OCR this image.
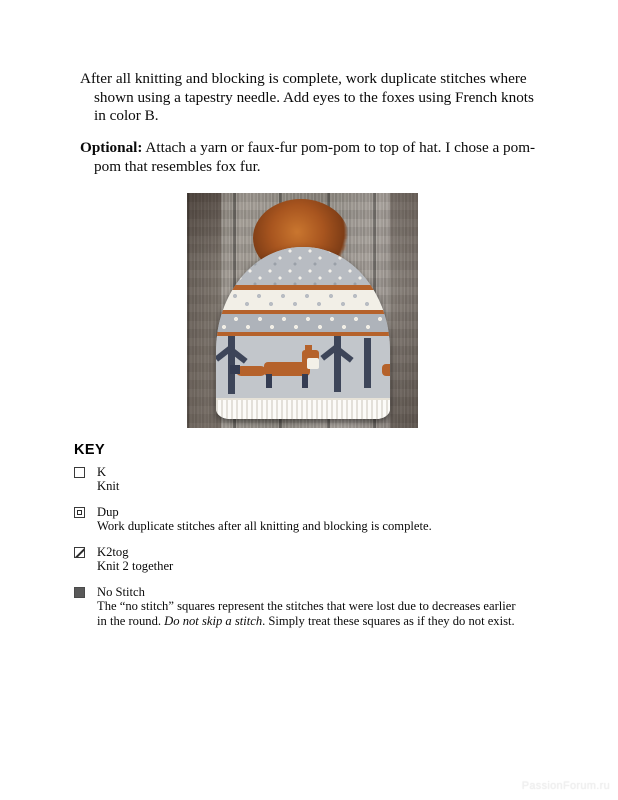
After all knitting and blocking is complete, work duplicate stitches where shown using a tapestry needle. Add eyes to the foxes using French knots in color B.

Optional: Attach a yarn or faux-fur pom-pom to top of hat. I chose a pom-pom that resembles fox fur.

KEY
K
Knit
Dup
Work duplicate stitches after all knitting and blocking is complete.
K2tog
Knit 2 together
No Stitch
The “no stitch” squares represent the stitches that were lost due to decreases earlier in the round. Do not skip a stitch. Simply treat these squares as if they do not exist.
PassionForum.ru
